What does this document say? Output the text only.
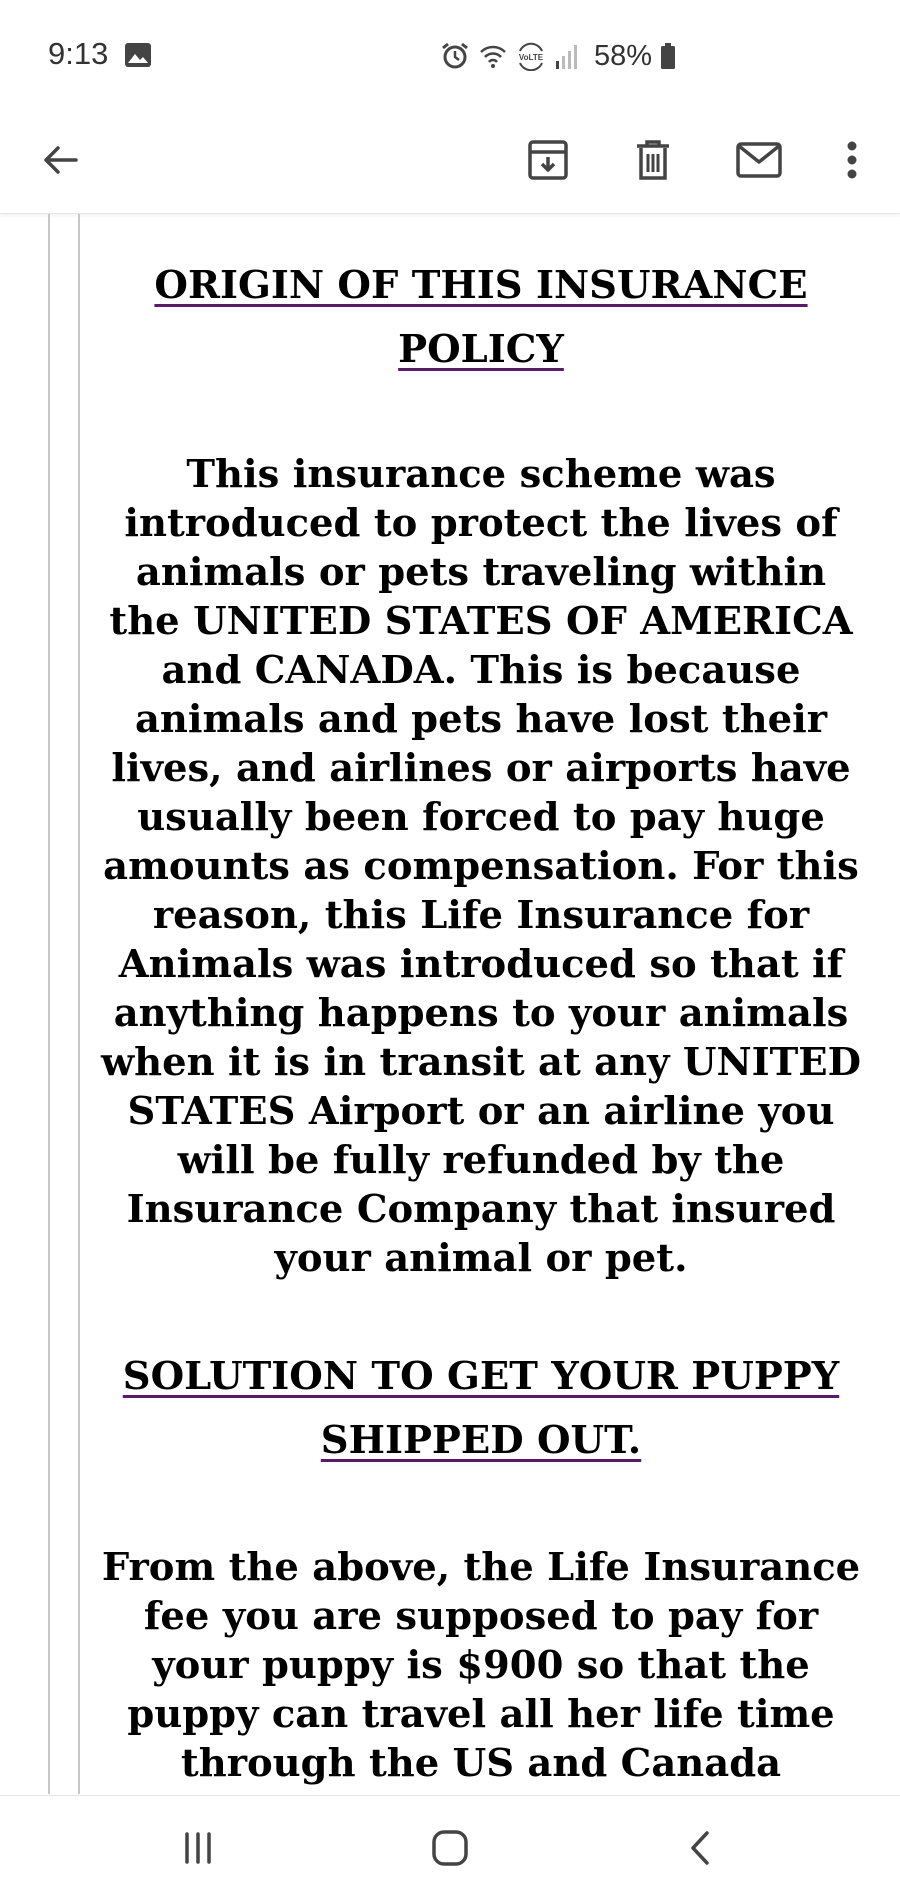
9:13	VoLTE 58%

ORIGIN OF THIS INSURANCE POLICY

This insurance scheme was introduced to protect the lives of animals or pets traveling within the UNITED STATES OF AMERICA and CANADA. This is because animals and pets have lost their lives, and airlines or airports have usually been forced to pay huge amounts as compensation. For this reason, this Life Insurance for Animals was introduced so that if anything happens to your animals when it is in transit at any UNITED STATES Airport or an airline you will be fully refunded by the Insurance Company that insured your animal or pet.

SOLUTION TO GET YOUR PUPPY SHIPPED OUT.

From the above, the Life Insurance fee you are supposed to pay for your puppy is $900 so that the puppy can travel all her life time through the US and Canada
